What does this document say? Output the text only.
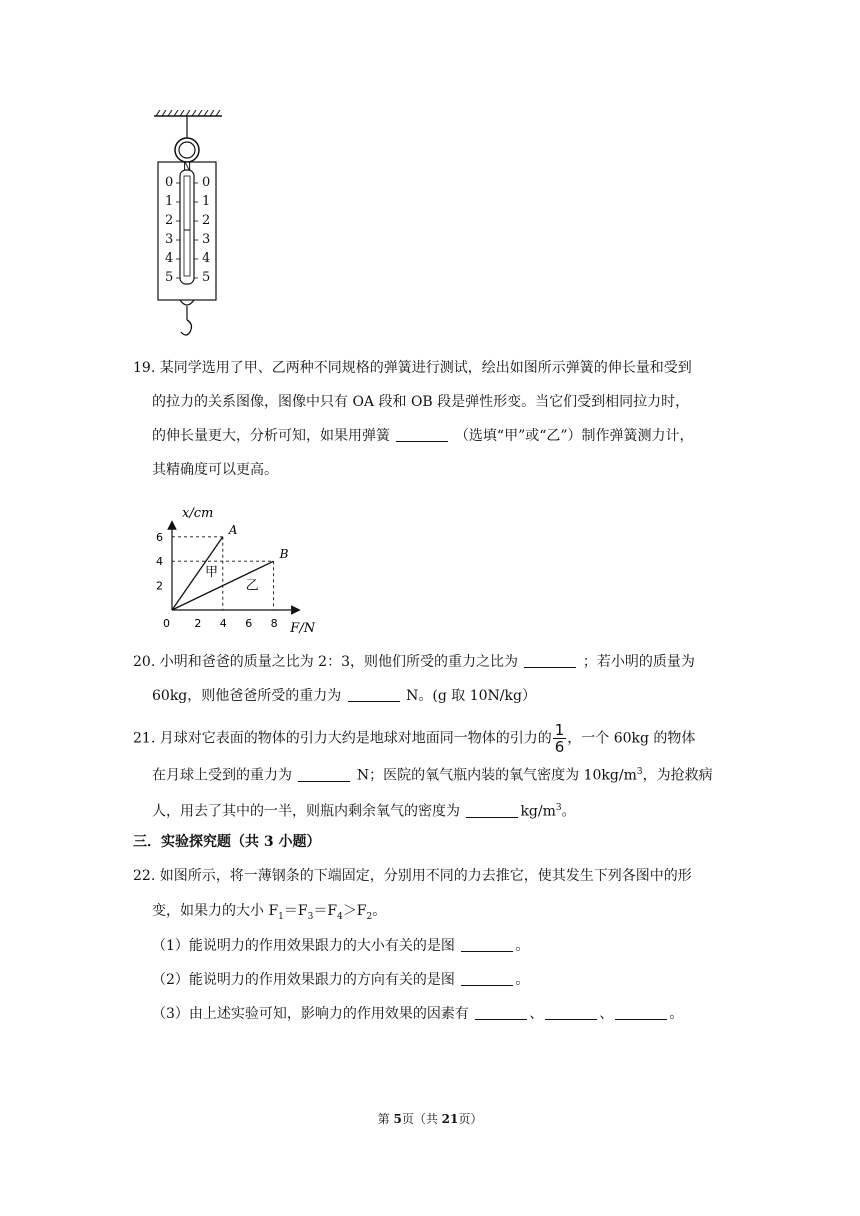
N
0
1
2
3
4
5
0
1
2
3
4
5
19. 某同学选用了甲、乙两种不同规格的弹簧进行测试，绘出如图所示弹簧的伸长量和受到
的拉力的关系图像，图像中只有 OA 段和 OB 段是弹性形变。当它们受到相同拉力时，
的伸长量更大，分析可知，如果用弹簧	（选填“甲”或“乙”）制作弹簧测力计，
其精确度可以更高。
F/N
x/cm
0 2 4 6 8
2
4
6
A
B
甲
乙
20. 小明和爸爸的质量之比为 2：3，则他们所受的重力之比为	；若小明的质量为
60kg，则他爸爸所受的重力为	N。(g 取 10N/kg）
21. 月球对它表面的物体的引力大约是地球对地面同一物体的引力的 $\frac{1}{6}$ ，一个 60kg 的物体
在月球上受到的重力为	N；医院的氧气瓶内装的氧气密度为 $10kg/m^3$，为抢救病
人，用去了其中的一半，则瓶内剩余氧气的密度为	$kg/m^3$。
三．实验探究题（共 3 小题）
22. 如图所示，将一薄钢条的下端固定，分别用不同的力去推它，使其发生下列各图中的形
变，如果力的大小 $F_1=F_3=F_4>F_2$。
（1）能说明力的作用效果跟力的大小有关的是图	。
（2）能说明力的作用效果跟力的方向有关的是图	。
（3）由上述实验可知，影响力的作用效果的因素有	、	、	。
第 5页（共 21页）
